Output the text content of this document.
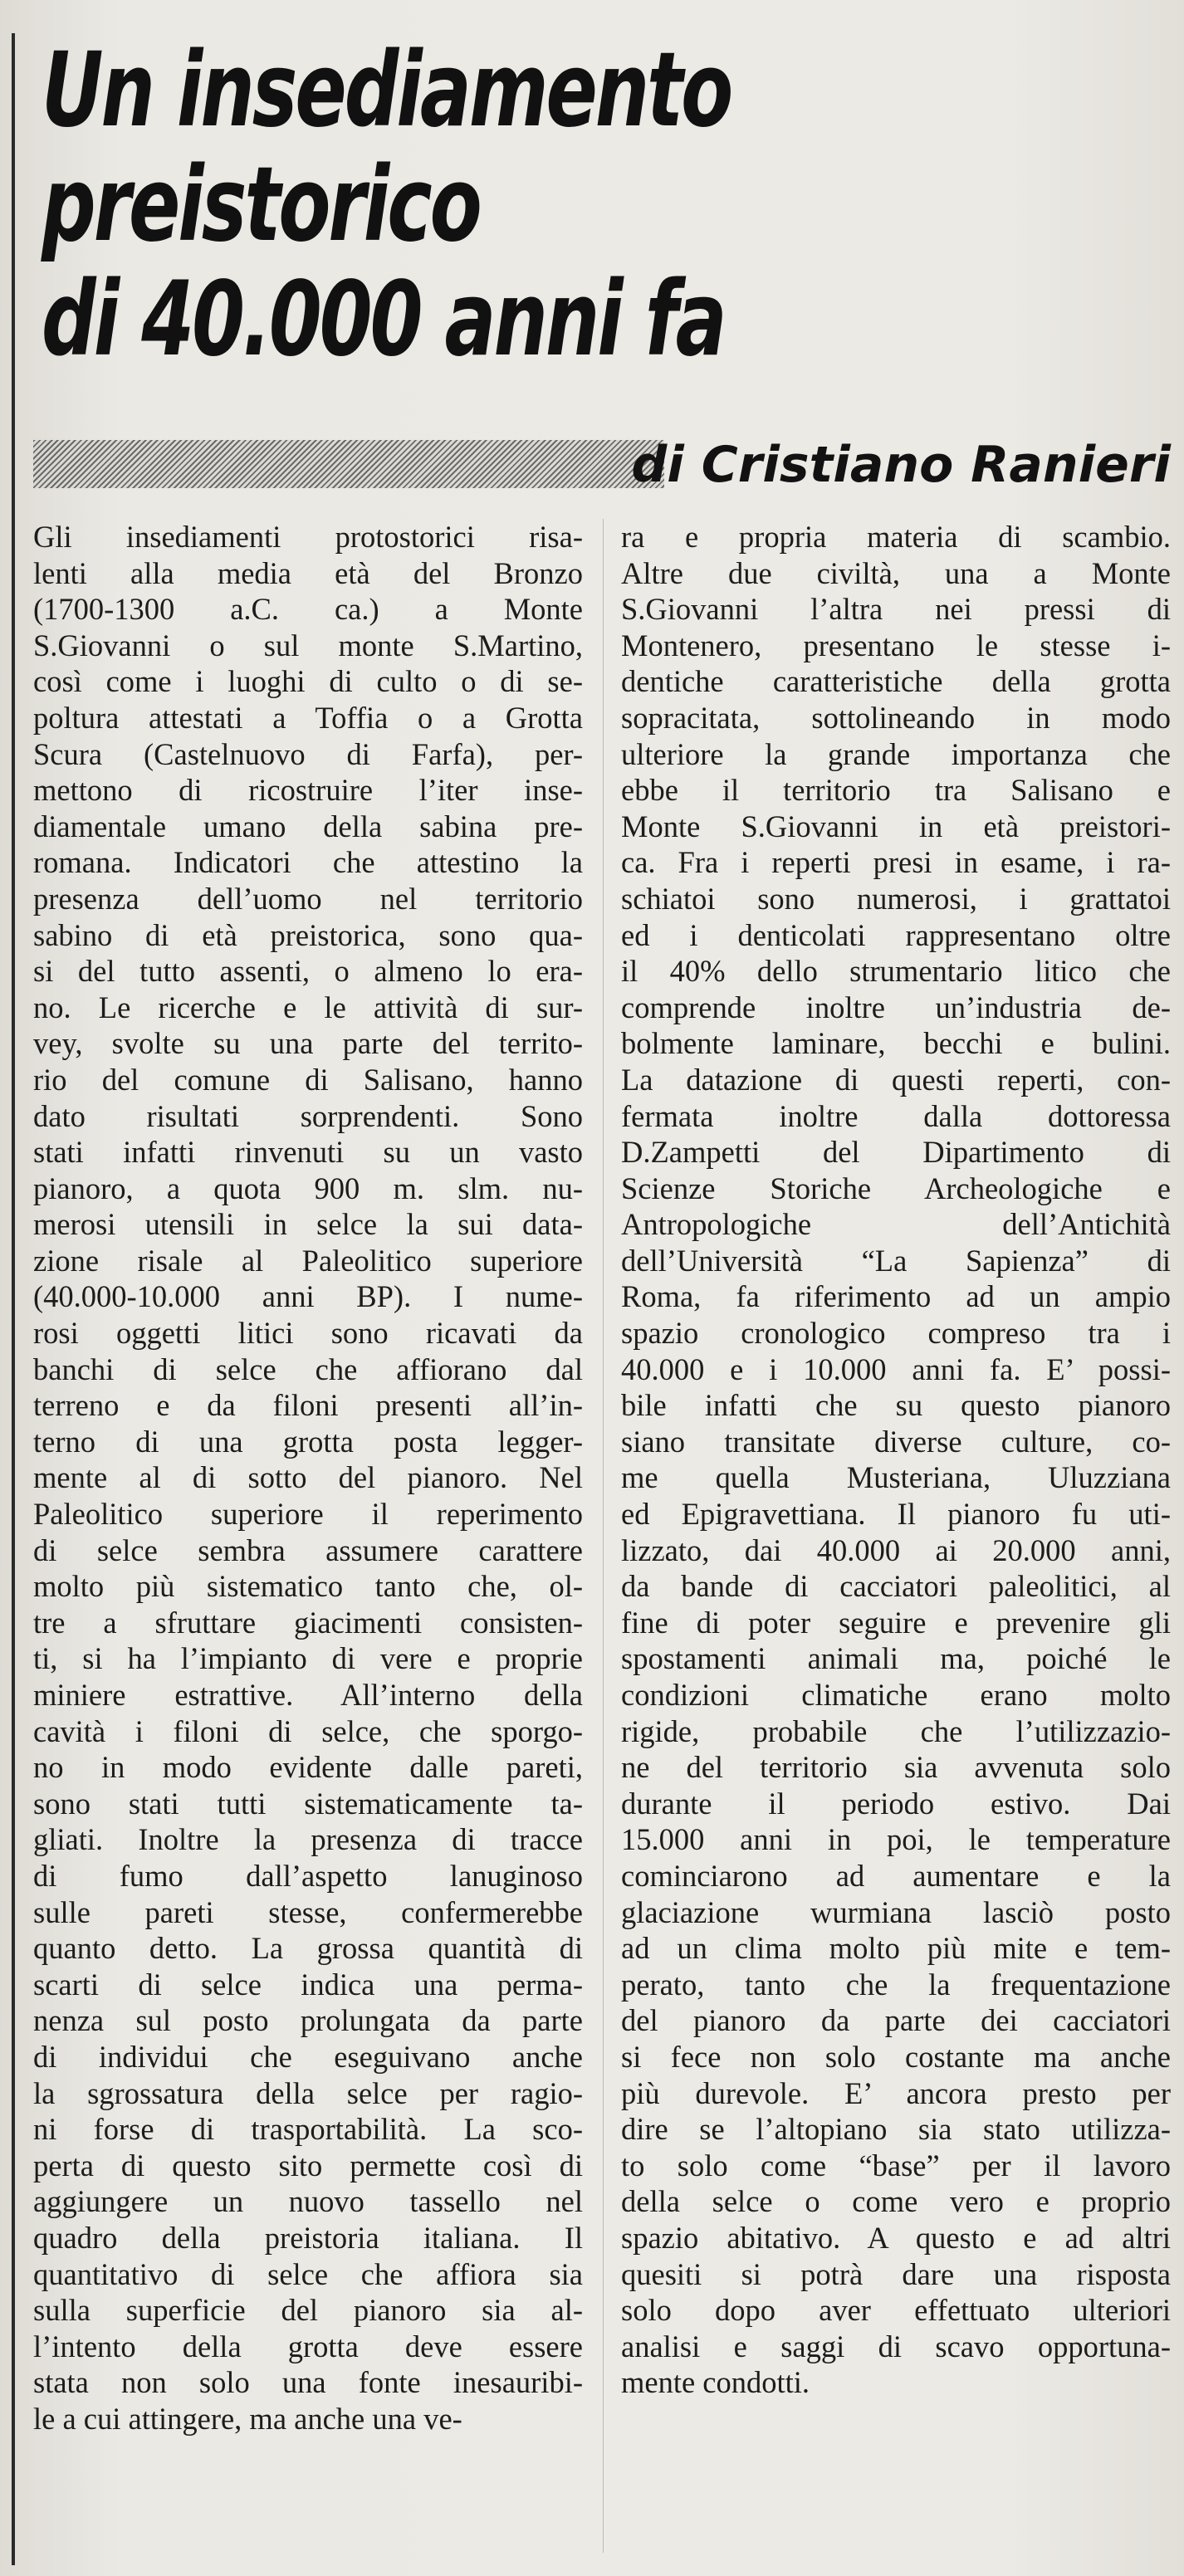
Un insediamento preistorico
di 40.000 anni fa
di Cristiano Ranieri
Gli insediamenti protostorici risa-
lenti alla media età del Bronzo
(1700-1300 a.C. ca.) a Monte
S.Giovanni o sul monte S.Martino,
così come i luoghi di culto o di se-
poltura attestati a Toffia o a Grotta
Scura (Castelnuovo di Farfa), per-
mettono di ricostruire l’iter inse-
diamentale umano della sabina pre-
romana. Indicatori che attestino la
presenza dell’uomo nel territorio
sabino di età preistorica, sono qua-
si del tutto assenti, o almeno lo era-
no. Le ricerche e le attività di sur-
vey, svolte su una parte del territo-
rio del comune di Salisano, hanno
dato risultati sorprendenti. Sono
stati infatti rinvenuti su un vasto
pianoro, a quota 900 m. slm. nu-
merosi utensili in selce la sui data-
zione risale al Paleolitico superiore
(40.000-10.000 anni BP). I nume-
rosi oggetti litici sono ricavati da
banchi di selce che affiorano dal
terreno e da filoni presenti all’in-
terno di una grotta posta legger-
mente al di sotto del pianoro. Nel
Paleolitico superiore il reperimento
di selce sembra assumere carattere
molto più sistematico tanto che, ol-
tre a sfruttare giacimenti consisten-
ti, si ha l’impianto di vere e proprie
miniere estrattive. All’interno della
cavità i filoni di selce, che sporgo-
no in modo evidente dalle pareti,
sono stati tutti sistematicamente ta-
gliati. Inoltre la presenza di tracce
di fumo dall’aspetto lanuginoso
sulle pareti stesse, confermerebbe
quanto detto. La grossa quantità di
scarti di selce indica una perma-
nenza sul posto prolungata da parte
di individui che eseguivano anche
la sgrossatura della selce per ragio-
ni forse di trasportabilità. La sco-
perta di questo sito permette così di
aggiungere un nuovo tassello nel
quadro della preistoria italiana. Il
quantitativo di selce che affiora sia
sulla superficie del pianoro sia al-
l’intento della grotta deve essere
stata non solo una fonte inesauribi-
le a cui attingere, ma anche una ve-
ra e propria materia di scambio.
Altre due civiltà, una a Monte
S.Giovanni l’altra nei pressi di
Montenero, presentano le stesse i-
dentiche caratteristiche della grotta
sopracitata, sottolineando in modo
ulteriore la grande importanza che
ebbe il territorio tra Salisano e
Monte S.Giovanni in età preistori-
ca. Fra i reperti presi in esame, i ra-
schiatoi sono numerosi, i grattatoi
ed i denticolati rappresentano oltre
il 40% dello strumentario litico che
comprende inoltre un’industria de-
bolmente laminare, becchi e bulini.
La datazione di questi reperti, con-
fermata inoltre dalla dottoressa
D.Zampetti del Dipartimento di
Scienze Storiche Archeologiche e
Antropologiche dell’Antichità
dell’Università “La Sapienza” di
Roma, fa riferimento ad un ampio
spazio cronologico compreso tra i
40.000 e i 10.000 anni fa. E’ possi-
bile infatti che su questo pianoro
siano transitate diverse culture, co-
me quella Musteriana, Uluzziana
ed Epigravettiana. Il pianoro fu uti-
lizzato, dai 40.000 ai 20.000 anni,
da bande di cacciatori paleolitici, al
fine di poter seguire e prevenire gli
spostamenti animali ma, poiché le
condizioni climatiche erano molto
rigide, probabile che l’utilizzazio-
ne del territorio sia avvenuta solo
durante il periodo estivo. Dai
15.000 anni in poi, le temperature
cominciarono ad aumentare e la
glaciazione wurmiana lasciò posto
ad un clima molto più mite e tem-
perato, tanto che la frequentazione
del pianoro da parte dei cacciatori
si fece non solo costante ma anche
più durevole. E’ ancora presto per
dire se l’altopiano sia stato utilizza-
to solo come “base” per il lavoro
della selce o come vero e proprio
spazio abitativo. A questo e ad altri
quesiti si potrà dare una risposta
solo dopo aver effettuato ulteriori
analisi e saggi di scavo opportuna-
mente condotti.
